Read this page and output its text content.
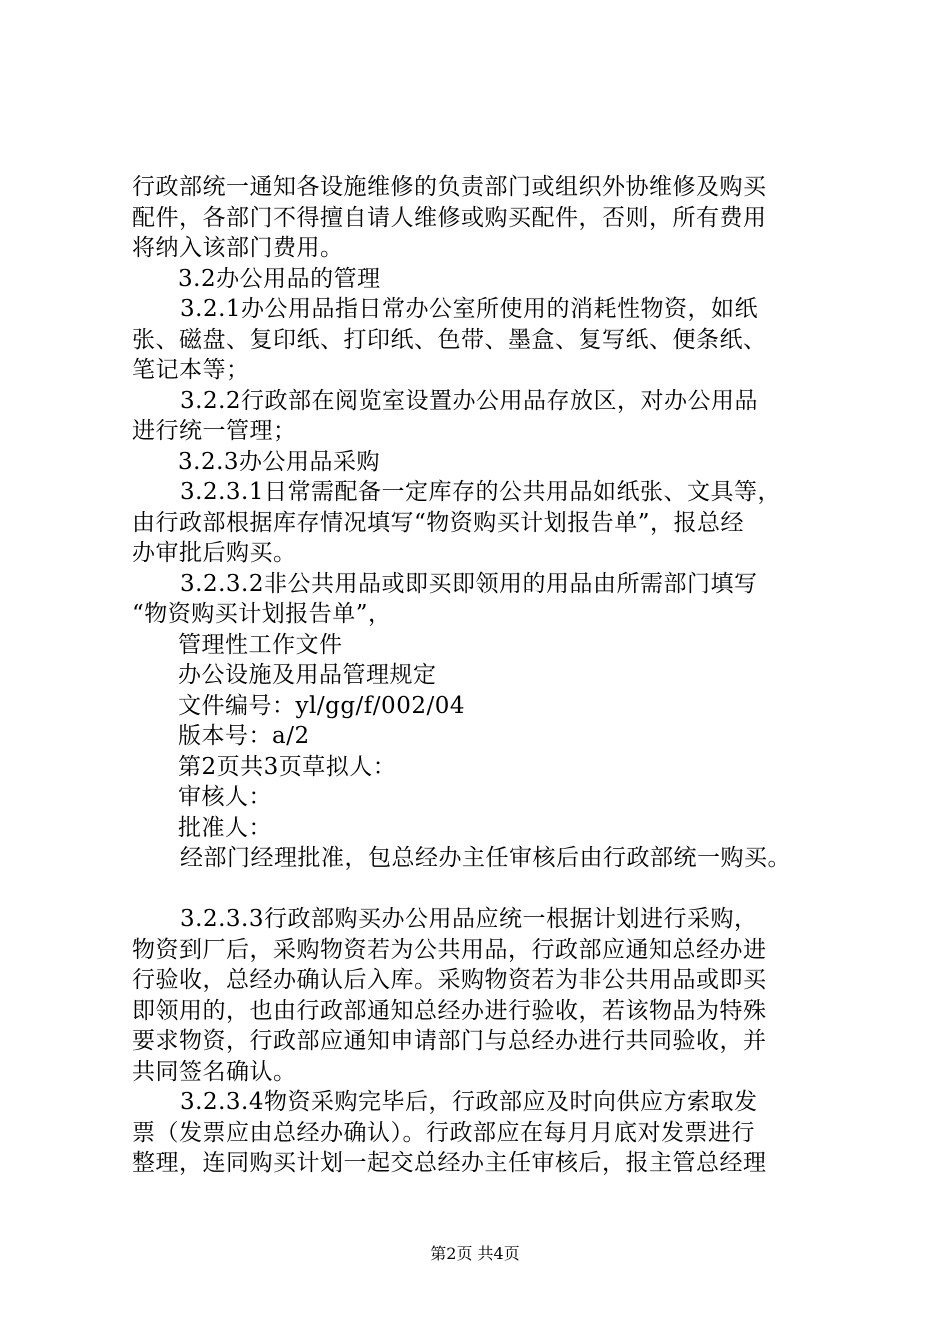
行政部统一通知各设施维修的负责部门或组织外协维修及购买
配件，各部门不得擅自请人维修或购买配件，否则，所有费用
将纳入该部门费用。
3.2办公用品的管理
3.2.1办公用品指日常办公室所使用的消耗性物资，如纸
张、磁盘、复印纸、打印纸、色带、墨盒、复写纸、便条纸、
笔记本等；
3.2.2行政部在阅览室设置办公用品存放区，对办公用品
进行统一管理；
3.2.3办公用品采购
3.2.3.1日常需配备一定库存的公共用品如纸张、文具等，
由行政部根据库存情况填写“物资购买计划报告单”，报总经
办审批后购买。
3.2.3.2非公共用品或即买即领用的用品由所需部门填写
“物资购买计划报告单”，
管理性工作文件
办公设施及用品管理规定
文件编号：yl/gg/f/002/04
版本号：a/2
第2页共3页草拟人：
审核人：
批准人：
经部门经理批准，包总经办主任审核后由行政部统一购买。
3.2.3.3行政部购买办公用品应统一根据计划进行采购，
物资到厂后，采购物资若为公共用品，行政部应通知总经办进
行验收，总经办确认后入库。采购物资若为非公共用品或即买
即领用的，也由行政部通知总经办进行验收，若该物品为特殊
要求物资，行政部应通知申请部门与总经办进行共同验收，并
共同签名确认。
3.2.3.4物资采购完毕后，行政部应及时向供应方索取发
票（发票应由总经办确认）。行政部应在每月月底对发票进行
整理，连同购买计划一起交总经办主任审核后，报主管总经理
第2页 共4页
